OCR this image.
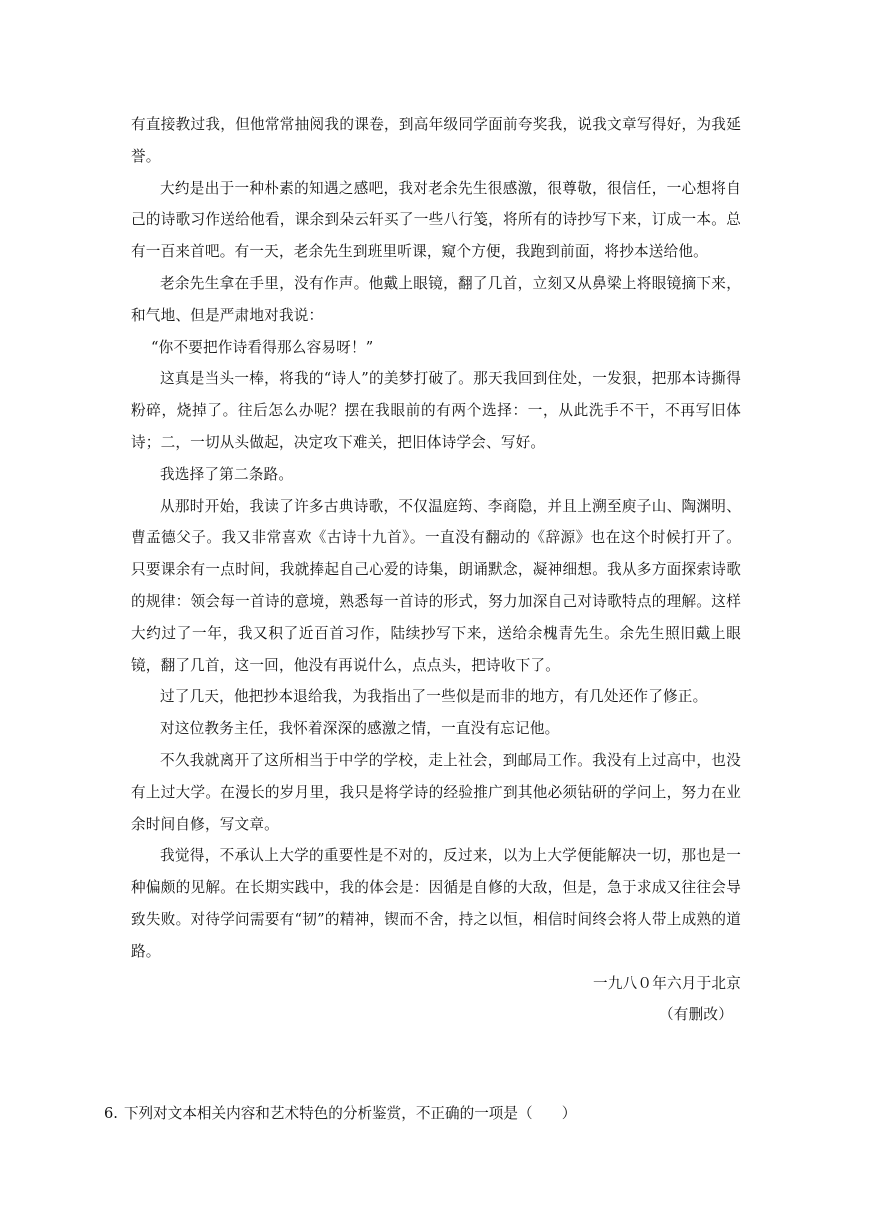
有直接教过我，但他常常抽阅我的课卷，到高年级同学面前夸奖我，说我文章写得好，为我延誉。

大约是出于一种朴素的知遇之感吧，我对老余先生很感激，很尊敬，很信任，一心想将自己的诗歌习作送给他看，课余到朵云轩买了一些八行笺，将所有的诗抄写下来，订成一本。总有一百来首吧。有一天，老余先生到班里听课，窥个方便，我跑到前面，将抄本送给他。

老余先生拿在手里，没有作声。他戴上眼镜，翻了几首，立刻又从鼻梁上将眼镜摘下来，和气地、但是严肃地对我说：

“你不要把作诗看得那么容易呀！”

这真是当头一棒，将我的“诗人”的美梦打破了。那天我回到住处，一发狠，把那本诗撕得粉碎，烧掉了。往后怎么办呢？摆在我眼前的有两个选择：一，从此洗手不干，不再写旧体诗；二，一切从头做起，决定攻下难关，把旧体诗学会、写好。

我选择了第二条路。

从那时开始，我读了许多古典诗歌，不仅温庭筠、李商隐，并且上溯至庾子山、陶渊明、曹孟德父子。我又非常喜欢《古诗十九首》。一直没有翻动的《辞源》也在这个时候打开了。只要课余有一点时间，我就捧起自己心爱的诗集，朗诵默念，凝神细想。我从多方面探索诗歌的规律：领会每一首诗的意境，熟悉每一首诗的形式，努力加深自己对诗歌特点的理解。这样大约过了一年，我又积了近百首习作，陆续抄写下来，送给余槐青先生。余先生照旧戴上眼镜，翻了几首，这一回，他没有再说什么，点点头，把诗收下了。

过了几天，他把抄本退给我，为我指出了一些似是而非的地方，有几处还作了修正。

对这位教务主任，我怀着深深的感激之情，一直没有忘记他。

不久我就离开了这所相当于中学的学校，走上社会，到邮局工作。我没有上过高中，也没有上过大学。在漫长的岁月里，我只是将学诗的经验推广到其他必须钻研的学问上，努力在业余时间自修，写文章。

我觉得，不承认上大学的重要性是不对的，反过来，以为上大学便能解决一切，那也是一种偏颇的见解。在长期实践中，我的体会是：因循是自修的大敌，但是，急于求成又往往会导致失败。对待学问需要有“韧”的精神，锲而不舍，持之以恒，相信时间终会将人带上成熟的道路。

一九八０年六月于北京

（有删改）

6. 下列对文本相关内容和艺术特色的分析鉴赏，不正确的一项是（　　）
